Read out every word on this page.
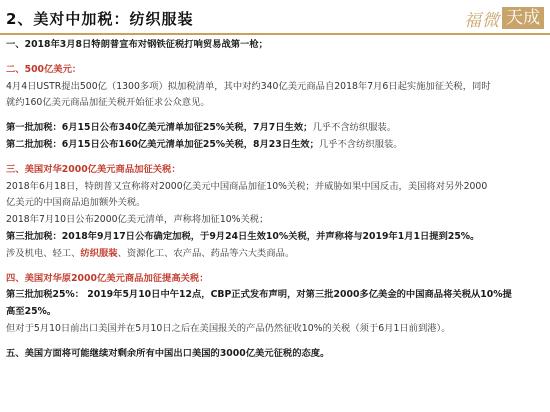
2、美对中加税：纺织服装	福微 天成
一、2018年3月8日特朗普宣布对钢铁征税打响贸易战第一枪；
二、500亿美元：
4月4日USTR提出500亿（1300多项）拟加税清单，其中对约340亿美元商品自2018年7月6日起实施加征关税，同时
就约160亿美元商品加征关税开始征求公众意见。
第一批加税：6月15日公布340亿美元清单加征25%关税，7月7日生效；几乎不含纺织服装。
第二批加税：6月15日公布160亿美元清单加征25%关税，8月23日生效；几乎不含纺织服装。
三、美国对华2000亿美元商品加征关税：
2018年6月18日，特朗普又宣称将对2000亿美元中国商品加征10%关税；并威胁如果中国反击，美国将对另外2000
亿美元的中国商品追加额外关税。
2018年7月10日公布2000亿美元清单，声称将加征10%关税；
第三批加税：2018年9月17日公布确定加税，于9月24日生效10%关税，并声称将与2019年1月1日提到25%。
涉及机电、轻工、纺织服装、资源化工、农产品、药品等六大类商品。
四、美国对华原2000亿美元商品加征提高关税：
第三批加税25%： 2019年5月10日中午12点，CBP正式发布声明，对第三批2000多亿美金的中国商品将关税从10%提
高至25%。
但对于5月10日前出口美国并在5月10日之后在美国报关的产品仍然征收10%的关税（须于6月1日前到港）。
五、美国方面将可能继续对剩余所有中国出口美国的3000亿美元征税的态度。
